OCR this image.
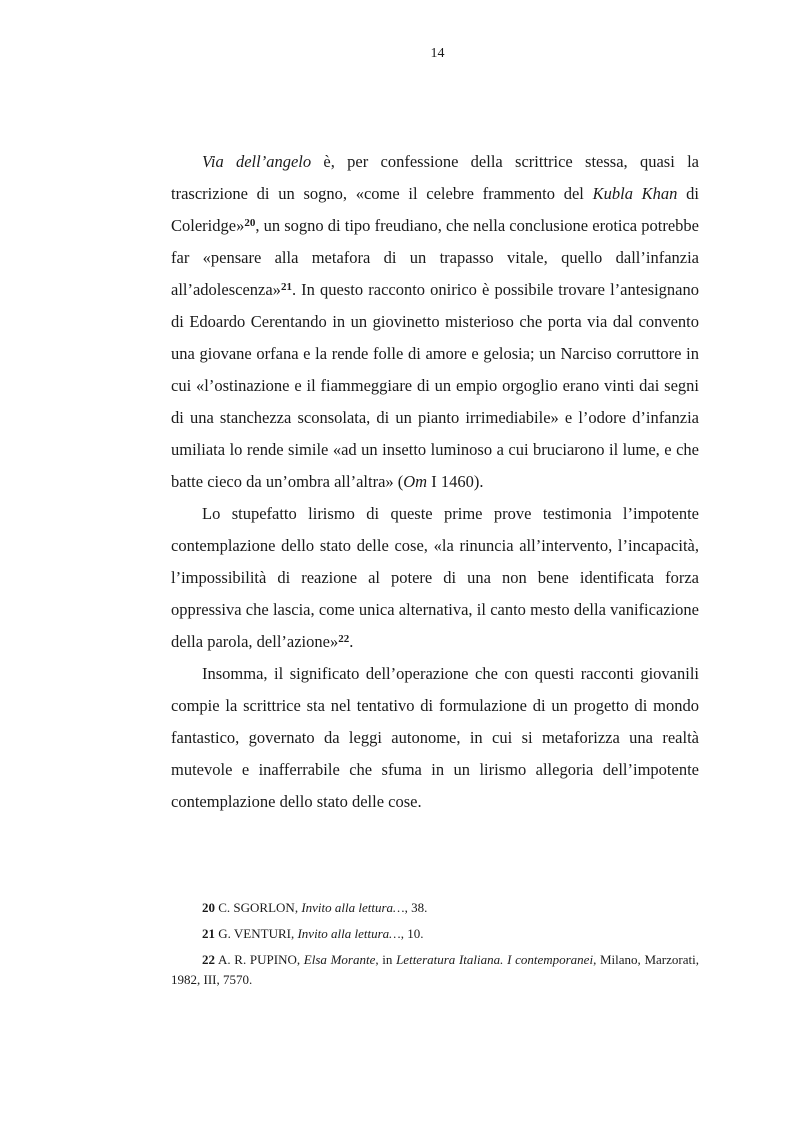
14

Via dell’angelo è, per confessione della scrittrice stessa, quasi la trascrizione di un sogno, «come il celebre frammento del Kubla Khan di Coleridge»$^{20}$, un sogno di tipo freudiano, che nella conclusione erotica potrebbe far «pensare alla metafora di un trapasso vitale, quello dall’infanzia all’adolescenza»$^{21}$. In questo racconto onirico è possibile trovare l’antesignano di Edoardo Cerentando in un giovinetto misterioso che porta via dal convento una giovane orfana e la rende folle di amore e gelosia; un Narciso corruttore in cui «l’ostinazione e il fiammeggiare di un empio orgoglio erano vinti dai segni di una stanchezza sconsolata, di un pianto irrimediabile» e l’odore d’infanzia umiliata lo rende simile «ad un insetto luminoso a cui bruciarono il lume, e che batte cieco da un’ombra all’altra» (Om I 1460).

Lo stupefatto lirismo di queste prime prove testimonia l’impotente contemplazione dello stato delle cose, «la rinuncia all’intervento, l’incapacità, l’impossibilità di reazione al potere di una non bene identificata forza oppressiva che lascia, come unica alternativa, il canto mesto della vanificazione della parola, dell’azione»$^{22}$.

Insomma, il significato dell’operazione che con questi racconti giovanili compie la scrittrice sta nel tentativo di formulazione di un progetto di mondo fantastico, governato da leggi autonome, in cui si metaforizza una realtà mutevole e inafferrabile che sfuma in un lirismo allegoria dell’impotente contemplazione dello stato delle cose.

20 C. SGORLON, Invito alla lettura…, 38.

21 G. VENTURI, Invito alla lettura…, 10.

22 A. R. PUPINO, Elsa Morante, in Letteratura Italiana. I contemporanei, Milano, Marzorati, 1982, III, 7570.
